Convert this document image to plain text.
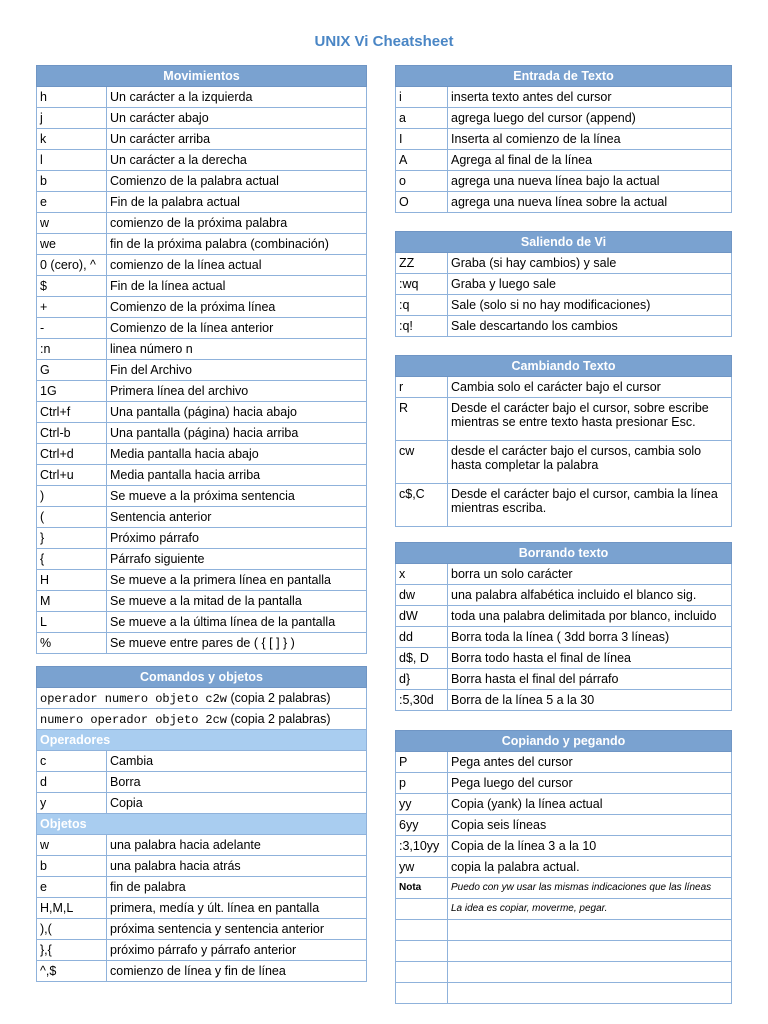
UNIX Vi Cheatsheet
Movimientos	
h	Un carácter a la izquierda
j	Un carácter abajo
k	Un carácter arriba
l	Un carácter a la derecha
b	Comienzo de la palabra actual
e	Fin de la palabra actual
w	comienzo de la próxima palabra
we	fin de la próxima palabra (combinación)
0 (cero), ^	comienzo de la línea actual
$	Fin de la línea actual
+	Comienzo de la próxima línea
-	Comienzo de la línea anterior
:n	linea número n
G	Fin del Archivo
1G	Primera línea del archivo
Ctrl+f	Una pantalla (página) hacia abajo
Ctrl-b	Una pantalla (página) hacia arriba
Ctrl+d	Media pantalla hacia abajo
Ctrl+u	Media pantalla hacia arriba
)	Se mueve a la próxima sentencia
(	Sentencia anterior
}	Próximo párrafo
{	Párrafo siguiente
H	Se mueve a la primera línea en pantalla
M	Se mueve a la mitad de la pantalla
L	Se mueve a la última línea de la pantalla
%	Se mueve entre pares de ( { [ ] } )
Comandos y objetos	
operador numero objeto c2w (copia 2 palabras)	
numero operador objeto 2cw (copia 2 palabras)	
Operadores	
c	Cambia
d	Borra
y	Copia
Objetos	
w	una palabra hacia adelante
b	una palabra hacia atrás
e	fin de palabra
H,M,L	primera, medía y últ. línea en pantalla
),(	próxima sentencia y sentencia anterior
},{	próximo párrafo y párrafo anterior
^,$	comienzo de línea y fin de línea
Entrada de Texto	
i	inserta texto antes del cursor
a	agrega luego del cursor (append)
I	Inserta al comienzo de la línea
A	Agrega al final de la línea
o	agrega una nueva línea bajo la actual
O	agrega una nueva línea sobre la actual
Saliendo de Vi	
ZZ	Graba (si hay cambios) y sale
:wq	Graba y luego sale
:q	Sale (solo si no hay modificaciones)
:q!	Sale descartando los cambios
Cambiando Texto	
r	Cambia solo el carácter bajo el cursor
R	Desde el carácter bajo el cursor, sobre escribe mientras se entre texto hasta presionar Esc.
cw	desde el carácter bajo el cursos, cambia solo hasta completar la palabra
c$,C	Desde el carácter bajo el cursor, cambia la línea mientras escriba.
Borrando texto	
x	borra un solo carácter
dw	una palabra alfabética incluido el blanco sig.
dW	toda una palabra delimitada por blanco, incluido
dd	Borra toda la línea ( 3dd borra 3 líneas)
d$, D	Borra todo hasta el final de línea
d}	Borra hasta el final del párrafo
:5,30d	Borra de la línea 5 a la 30
Copiando y pegando	
P	Pega antes del cursor
p	Pega luego del cursor
yy	Copia (yank) la línea actual
6yy	Copia seis líneas
:3,10yy	Copia de la línea 3 a la 10
yw	copia la palabra actual.
Nota	Puedo con yw usar las mismas indicaciones que las líneas
	La idea es copiar, moverme, pegar.
